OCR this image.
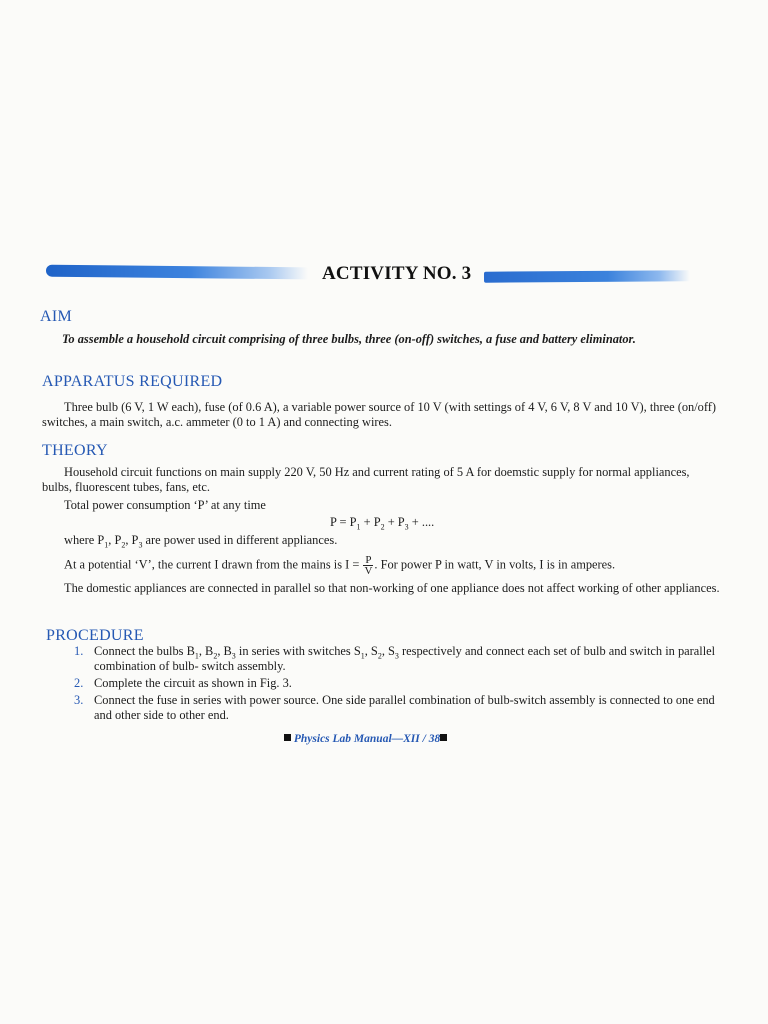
ACTIVITY NO. 3
AIM
To assemble a household circuit comprising of three bulbs, three (on-off) switches, a fuse and battery eliminator.
APPARATUS REQUIRED
Three bulb (6 V, 1 W each), fuse (of 0.6 A), a variable power source of 10 V (with settings of 4 V, 6 V, 8 V and 10 V), three (on/off) switches, a main switch, a.c. ammeter (0 to 1 A) and connecting wires.
THEORY
Household circuit functions on main supply 220 V, 50 Hz and current rating of 5 A for doemstic supply for normal appliances, bulbs, fluorescent tubes, fans, etc.
Total power consumption ‘P’ at any time
$P = P_1 + P_2 + P_3$ + ....
where $P_1$, $P_2$, $P_3$ are power used in different appliances.
At a potential ‘V’, the current I drawn from the mains is $I = \frac{P}{V}$ . For power P in watt, V in volts, I is in amperes.
The domestic appliances are connected in parallel so that non-working of one appliance does not affect working of other appliances.
PROCEDURE
1. Connect the bulbs $B_1$, $B_2$, $B_3$ in series with switches $S_1$, $S_2$, $S_3$ respectively and connect each set of bulb and switch in parallel combination of bulb- switch assembly.
2. Complete the circuit as shown in Fig. 3.
3. Connect the fuse in series with power source. One side parallel combination of bulb-switch assembly is connected to one end and other side to other end.
Physics Lab Manual—XII / 38
